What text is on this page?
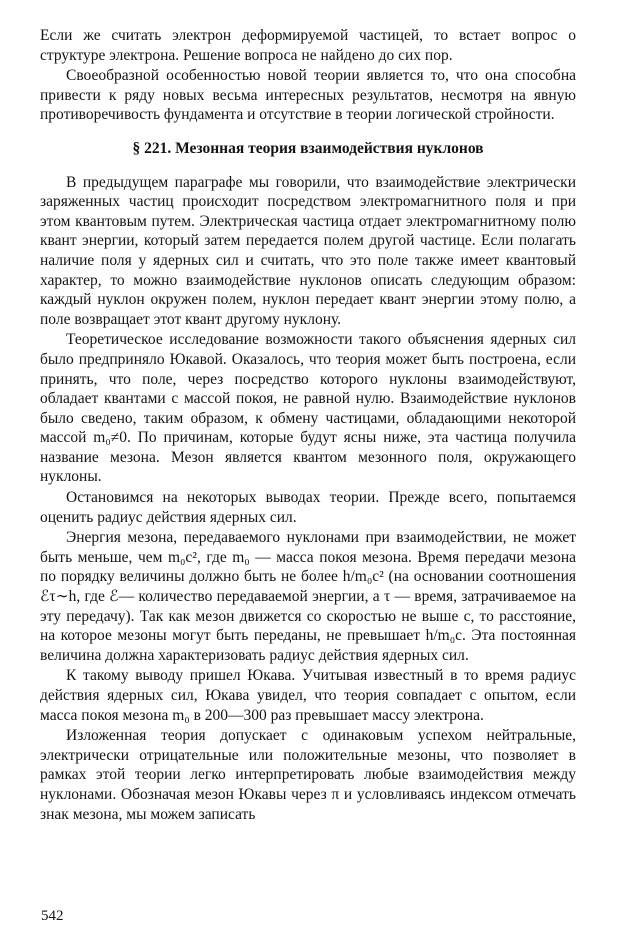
Если же считать электрон деформируемой частицей, то встает вопрос о структуре электрона. Решение вопроса не найдено до сих пор.

Своеобразной особенностью новой теории является то, что она способна привести к ряду новых весьма интересных результатов, несмотря на явную противоречивость фундамента и отсутствие в теории логической стройности.

§ 221. Мезонная теория взаимодействия нуклонов

В предыдущем параграфе мы говорили, что взаимодействие электрически заряженных частиц происходит посредством электромагнитного поля и при этом квантовым путем. Электрическая частица отдает электромагнитному полю квант энергии, который затем передается полем другой частице. Если полагать наличие поля у ядерных сил и считать, что это поле также имеет квантовый характер, то можно взаимодействие нуклонов описать следующим образом: каждый нуклон окружен полем, нуклон передает квант энергии этому полю, а поле возвращает этот квант другому нуклону.

Теоретическое исследование возможности такого объяснения ядерных сил было предприняло Юкавой. Оказалось, что теория может быть построена, если принять, что поле, через посредство которого нуклоны взаимодействуют, обладает квантами с массой покоя, не равной нулю. Взаимодействие нуклонов было сведено, таким образом, к обмену частицами, обладающими некоторой массой m₀≠0. По причинам, которые будут ясны ниже, эта частица получила название мезона. Мезон является квантом мезонного поля, окружающего нуклоны.

Остановимся на некоторых выводах теории. Прежде всего, попытаемся оценить радиус действия ядерных сил.

Энергия мезона, передаваемого нуклонами при взаимодействии, не может быть меньше, чем m₀c², где m₀ — масса покоя мезона. Время передачи мезона по порядку величины должно быть не более h/m₀c² (на основании соотношения ℰτ∼h, где ℰ— количество передаваемой энергии, а τ — время, затрачиваемое на эту передачу). Так как мезон движется со скоростью не выше c, то расстояние, на которое мезоны могут быть переданы, не превышает h/m₀c. Эта постоянная величина должна характеризовать радиус действия ядерных сил.

К такому выводу пришел Юкава. Учитывая известный в то время радиус действия ядерных сил, Юкава увидел, что теория совпадает с опытом, если масса покоя мезона m₀ в 200—300 раз превышает массу электрона.

Изложенная теория допускает с одинаковым успехом нейтральные, электрически отрицательные или положительные мезоны, что позволяет в рамках этой теории легко интерпретировать любые взаимодействия между нуклонами. Обозначая мезон Юкавы через π и условливаясь индексом отмечать знак мезона, мы можем записать

542
